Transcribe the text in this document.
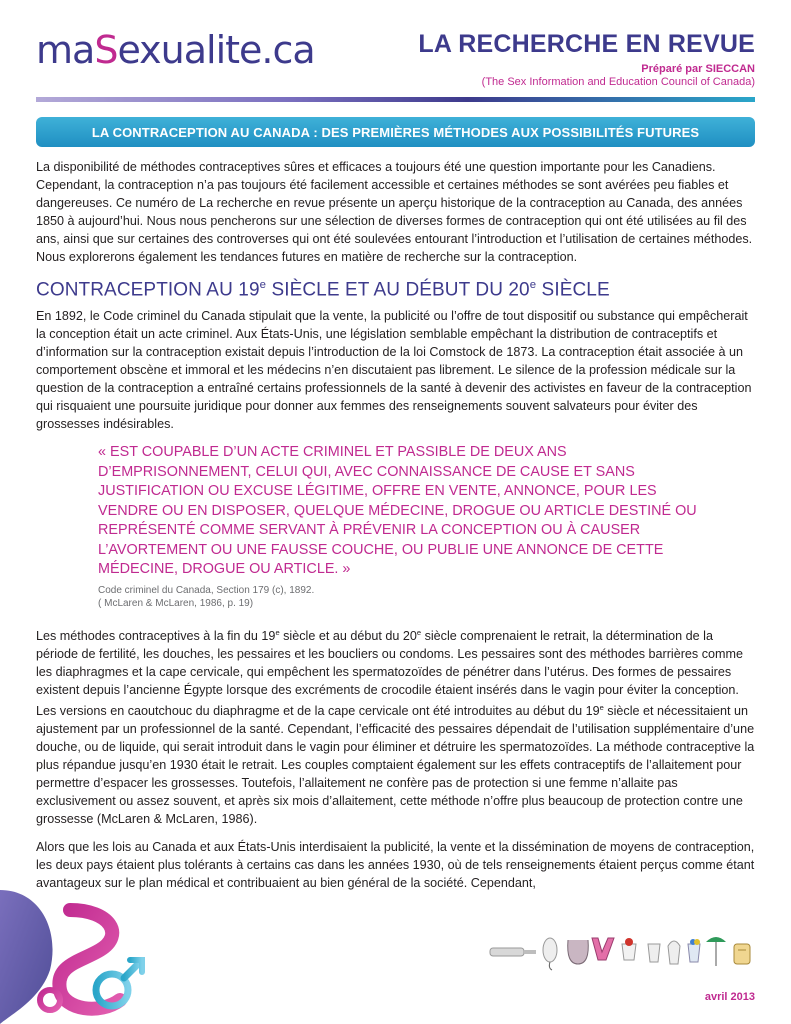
maSexualite.ca	LA RECHERCHE EN REVUE
Préparé par SIECCAN
(The Sex Information and Education Council of Canada)
LA CONTRACEPTION AU CANADA : DES PREMIÈRES MÉTHODES AUX POSSIBILITÉS FUTURES

La disponibilité de méthodes contraceptives sûres et efficaces a toujours été une question importante pour les Canadiens. Cependant, la contraception n’a pas toujours été facilement accessible et certaines méthodes se sont avérées peu fiables et dangereuses. Ce numéro de La recherche en revue présente un aperçu historique de la contraception au Canada, des années 1850 à aujourd’hui. Nous nous pencherons sur une sélection de diverses formes de contraception qui ont été utilisées au fil des ans, ainsi que sur certaines des controverses qui ont été soulevées entourant l’introduction et l’utilisation de certaines méthodes. Nous explorerons également les tendances futures en matière de recherche sur la contraception.

CONTRACEPTION AU 19e SIÈCLE ET AU DÉBUT DU 20e SIÈCLE

En 1892, le Code criminel du Canada stipulait que la vente, la publicité ou l’offre de tout dispositif ou substance qui empêcherait la conception était un acte criminel. Aux États-Unis, une législation semblable empêchant la distribution de contraceptifs et d’information sur la contraception existait depuis l’introduction de la loi Comstock de 1873. La contraception était associée à un comportement obscène et immoral et les médecins n’en discutaient pas librement. Le silence de la profession médicale sur la question de la contraception a entraîné certains professionnels de la santé à devenir des activistes en faveur de la contraception qui risquaient une poursuite juridique pour donner aux femmes des renseignements souvent salvateurs pour éviter des grossesses indésirables.

« EST COUPABLE D’UN ACTE CRIMINEL ET PASSIBLE DE DEUX ANS D’EMPRISONNEMENT, CELUI QUI, AVEC CONNAISSANCE DE CAUSE ET SANS JUSTIFICATION OU EXCUSE LÉGITIME, OFFRE EN VENTE, ANNONCE, POUR LES VENDRE OU EN DISPOSER, QUELQUE MÉDECINE, DROGUE OU ARTICLE DESTINÉ OU REPRÉSENTÉ COMME SERVANT À PRÉVENIR LA CONCEPTION OU À CAUSER L’AVORTEMENT OU UNE FAUSSE COUCHE, OU PUBLIE UNE ANNONCE DE CETTE MÉDECINE, DROGUE OU ARTICLE. »
Code criminel du Canada, Section 179 (c), 1892.
( McLaren & McLaren, 1986, p. 19)

Les méthodes contraceptives à la fin du 19e siècle et au début du 20e siècle comprenaient le retrait, la détermination de la période de fertilité, les douches, les pessaires et les boucliers ou condoms. Les pessaires sont des méthodes barrières comme les diaphragmes et la cape cervicale, qui empêchent les spermatozoïdes de pénétrer dans l’utérus. Des formes de pessaires existent depuis l’ancienne Égypte lorsque des excréments de crocodile étaient insérés dans le vagin pour éviter la conception. Les versions en caoutchouc du diaphragme et de la cape cervicale ont été introduites au début du 19e siècle et nécessitaient un ajustement par un professionnel de la santé. Cependant, l’efficacité des pessaires dépendait de l’utilisation supplémentaire d’une douche, ou de liquide, qui serait introduit dans le vagin pour éliminer et détruire les spermatozoïdes. La méthode contraceptive la plus répandue jusqu’en 1930 était le retrait. Les couples comptaient également sur les effets contraceptifs de l’allaitement pour permettre d’espacer les grossesses. Toutefois, l’allaitement ne confère pas de protection si une femme n’allaite pas exclusivement ou assez souvent, et après six mois d’allaitement, cette méthode n’offre plus beaucoup de protection contre une grossesse (McLaren & McLaren, 1986).

Alors que les lois au Canada et aux États-Unis interdisaient la publicité, la vente et la dissémination de moyens de contraception, les deux pays étaient plus tolérants à certains cas dans les années 1930, où de tels renseignements étaient perçus comme étant avantageux sur le plan médical et contribuaient au bien général de la société. Cependant,

avril 2013
